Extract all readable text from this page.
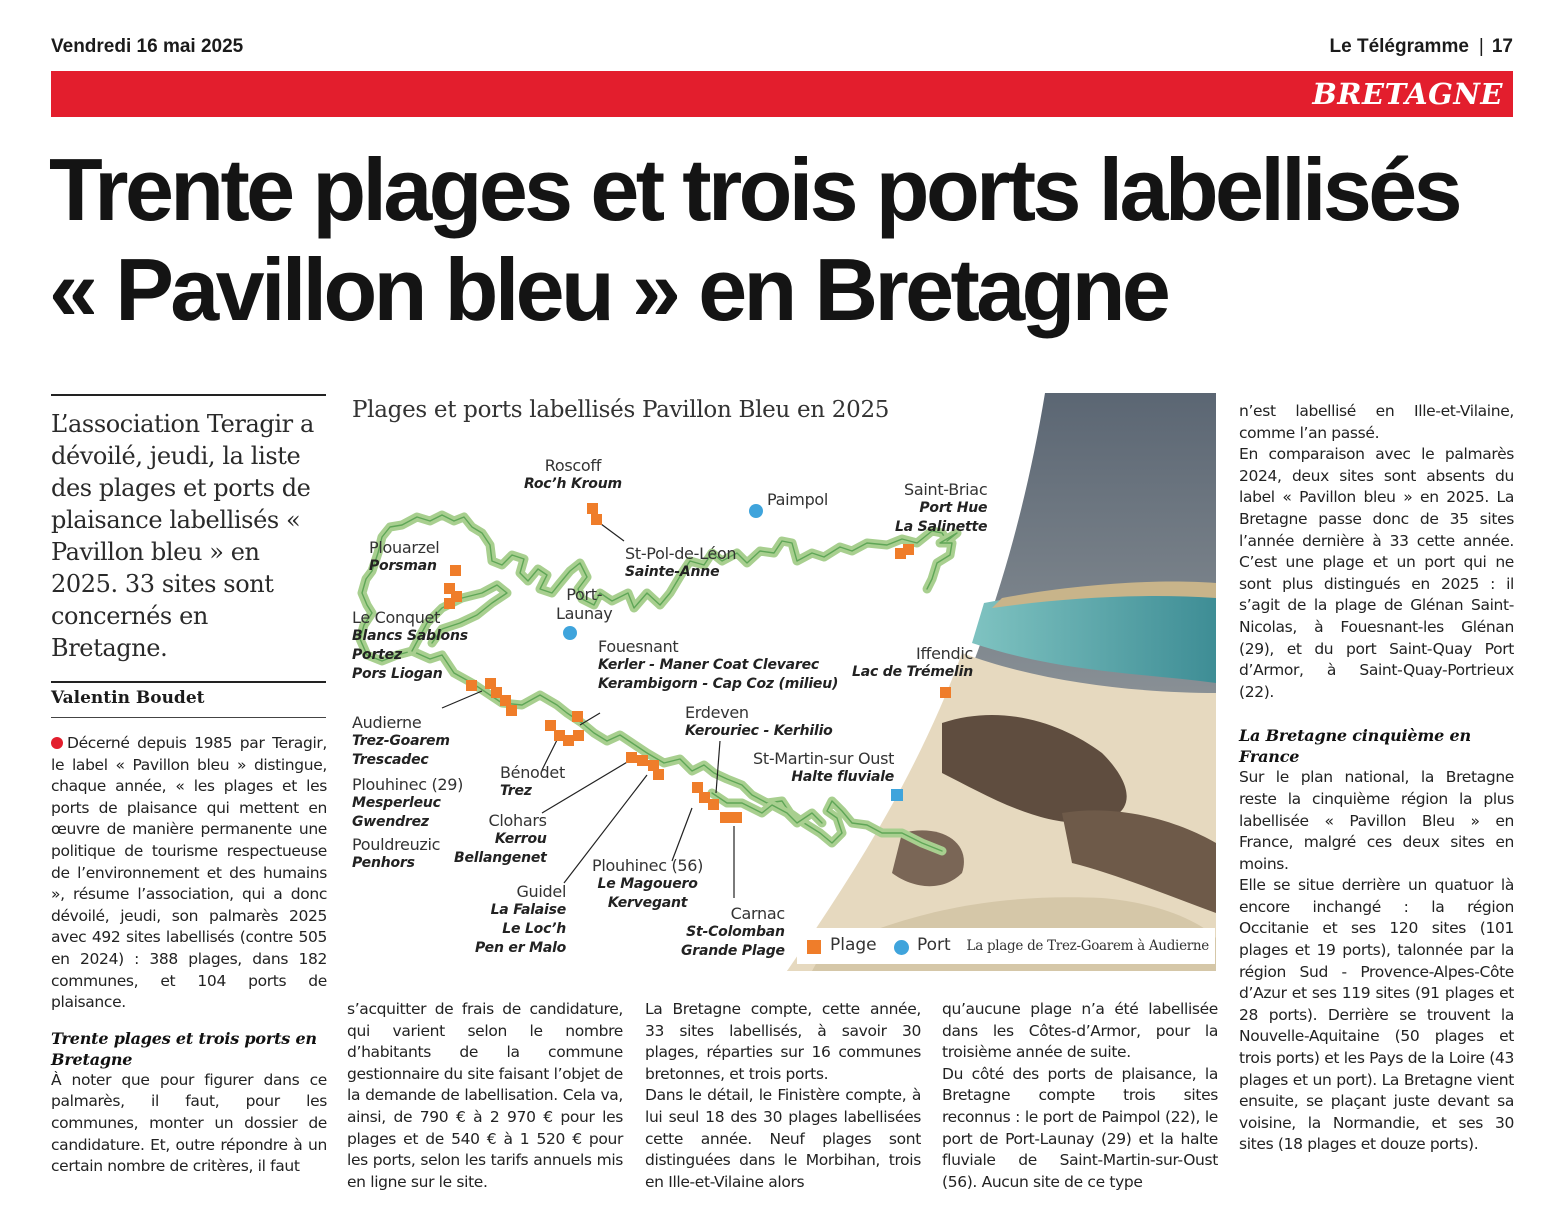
Vendredi 16 mai 2025	Le Télégramme | 17
BRETAGNE
Trente plages et trois ports labellisés
« Pavillon bleu » en Bretagne
L’association Teragir a dévoilé, jeudi, la liste des plages et ports de plaisance labellisés « Pavillon bleu » en 2025. 33 sites sont concernés en Bretagne.
Valentin Boudet

Décerné depuis 1985 par Teragir, le label « Pavillon bleu » distingue, chaque année, « les plages et les ports de plaisance qui mettent en œuvre de manière permanente une politique de tourisme respectueuse de l’environnement et des humains », résume l’association, qui a donc dévoilé, jeudi, son palmarès 2025 avec 492 sites labellisés (contre 505 en 2024) : 388 plages, dans 182 communes, et 104 ports de plaisance.

Trente plages et trois ports en Bretagne

À noter que pour figurer dans ce palmarès, il faut, pour les communes, monter un dossier de candidature. Et, outre répondre à un certain nombre de critères, il faut

s’acquitter de frais de candidature, qui varient selon le nombre d’habitants de la commune gestionnaire du site faisant l’objet de la demande de labellisation. Cela va, ainsi, de 790 € à 2 970 € pour les plages et de 540 € à 1 520 € pour les ports, selon les tarifs annuels mis en ligne sur le site.

La Bretagne compte, cette année, 33 sites labellisés, à savoir 30 plages, réparties sur 16 communes bretonnes, et trois ports.

Dans le détail, le Finistère compte, à lui seul 18 des 30 plages labellisées cette année. Neuf plages sont distinguées dans le Morbihan, trois en Ille-et-Vilaine alors

qu’aucune plage n’a été labellisée dans les Côtes-d’Armor, pour la troisième année de suite.

Du côté des ports de plaisance, la Bretagne compte trois sites reconnus : le port de Paimpol (22), le port de Port-Launay (29) et la halte fluviale de Saint-Martin-sur-Oust (56). Aucun site de ce type

n’est labellisé en Ille-et-Vilaine, comme l’an passé.

En comparaison avec le palmarès 2024, deux sites sont absents du label « Pavillon bleu » en 2025. La Bretagne passe donc de 35 sites l’année dernière à 33 cette année. C’est une plage et un port qui ne sont plus distingués en 2025 : il s’agit de la plage de Glénan Saint-Nicolas, à Fouesnant-les Glénan (29), et du port Saint-Quay Port d’Armor, à Saint-Quay-Portrieux (22).

La Bretagne cinquième en France

Sur le plan national, la Bretagne reste la cinquième région la plus labellisée « Pavillon Bleu » en France, malgré ces deux sites en moins.

Elle se situe derrière un quatuor là encore inchangé : la région Occitanie et ses 120 sites (101 plages et 19 ports), talonnée par la région Sud - Provence-Alpes-Côte d’Azur et ses 119 sites (91 plages et 28 ports). Derrière se trouvent la Nouvelle-Aquitaine (50 plages et trois ports) et les Pays de la Loire (43 plages et un port). La Bretagne vient ensuite, se plaçant juste devant sa voisine, la Normandie, et ses 30 sites (18 plages et douze ports).

Plages et ports labellisés Pavillon Bleu en 2025
Roscoff
Roc’h Kroum
St-Pol-de-Léon
Sainte-Anne
Paimpol
Saint-Briac
Port Hue
La Salinette
Plouarzel
Porsman
Port-
Launay
Le Conquet
Blancs Sablons
Portez
Pors Liogan
Fouesnant
Kerler - Maner Coat Clevarec
Kerambigorn - Cap Coz (milieu)
Iffendic
Lac de Trémelin
Audierne
Trez-Goarem
Trescadec
Plouhinec (29)
Mesperleuc
Gwendrez
Pouldreuzic
Penhors
Bénodet
Trez
Erdeven
Kerouriec - Kerhilio
St-Martin-sur Oust
Halte fluviale
Clohars
Kerrou
Bellangenet
Guidel
La Falaise
Le Loc’h
Pen er Malo
Plouhinec (56)
Le Magouero
Kervegant
Carnac
St-Colomban
Grande Plage	Plage Port La plage de Trez-Goarem à Audierne
